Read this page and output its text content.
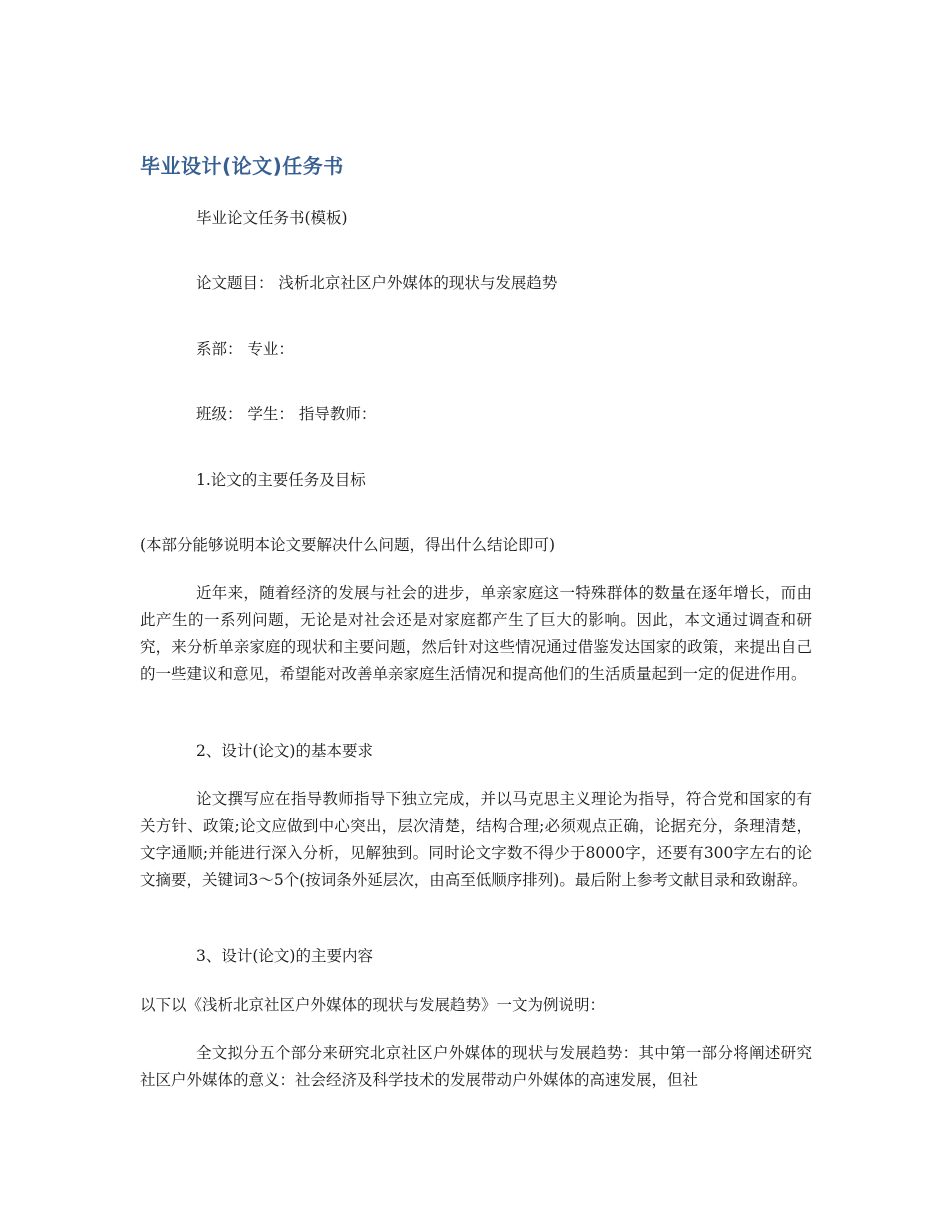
毕业设计(论文)任务书

毕业论文任务书(模板)

论文题目： 浅析北京社区户外媒体的现状与发展趋势

系部： 专业：

班级： 学生： 指导教师：

1.论文的主要任务及目标

(本部分能够说明本论文要解决什么问题，得出什么结论即可)

近年来，随着经济的发展与社会的进步，单亲家庭这一特殊群体的数量在逐年增长，而由此产生的一系列问题，无论是对社会还是对家庭都产生了巨大的影响。因此，本文通过调查和研究，来分析单亲家庭的现状和主要问题，然后针对这些情况通过借鉴发达国家的政策，来提出自己的一些建议和意见，希望能对改善单亲家庭生活情况和提高他们的生活质量起到一定的促进作用。

2、设计(论文)的基本要求

论文撰写应在指导教师指导下独立完成，并以马克思主义理论为指导，符合党和国家的有关方针、政策;论文应做到中心突出，层次清楚，结构合理;必须观点正确，论据充分，条理清楚，文字通顺;并能进行深入分析，见解独到。同时论文字数不得少于8000字，还要有300字左右的论文摘要，关键词3～5个(按词条外延层次，由高至低顺序排列)。最后附上参考文献目录和致谢辞。

3、设计(论文)的主要内容

以下以《浅析北京社区户外媒体的现状与发展趋势》一文为例说明：

全文拟分五个部分来研究北京社区户外媒体的现状与发展趋势：其中第一部分将阐述研究社区户外媒体的意义：社会经济及科学技术的发展带动户外媒体的高速发展，但社
